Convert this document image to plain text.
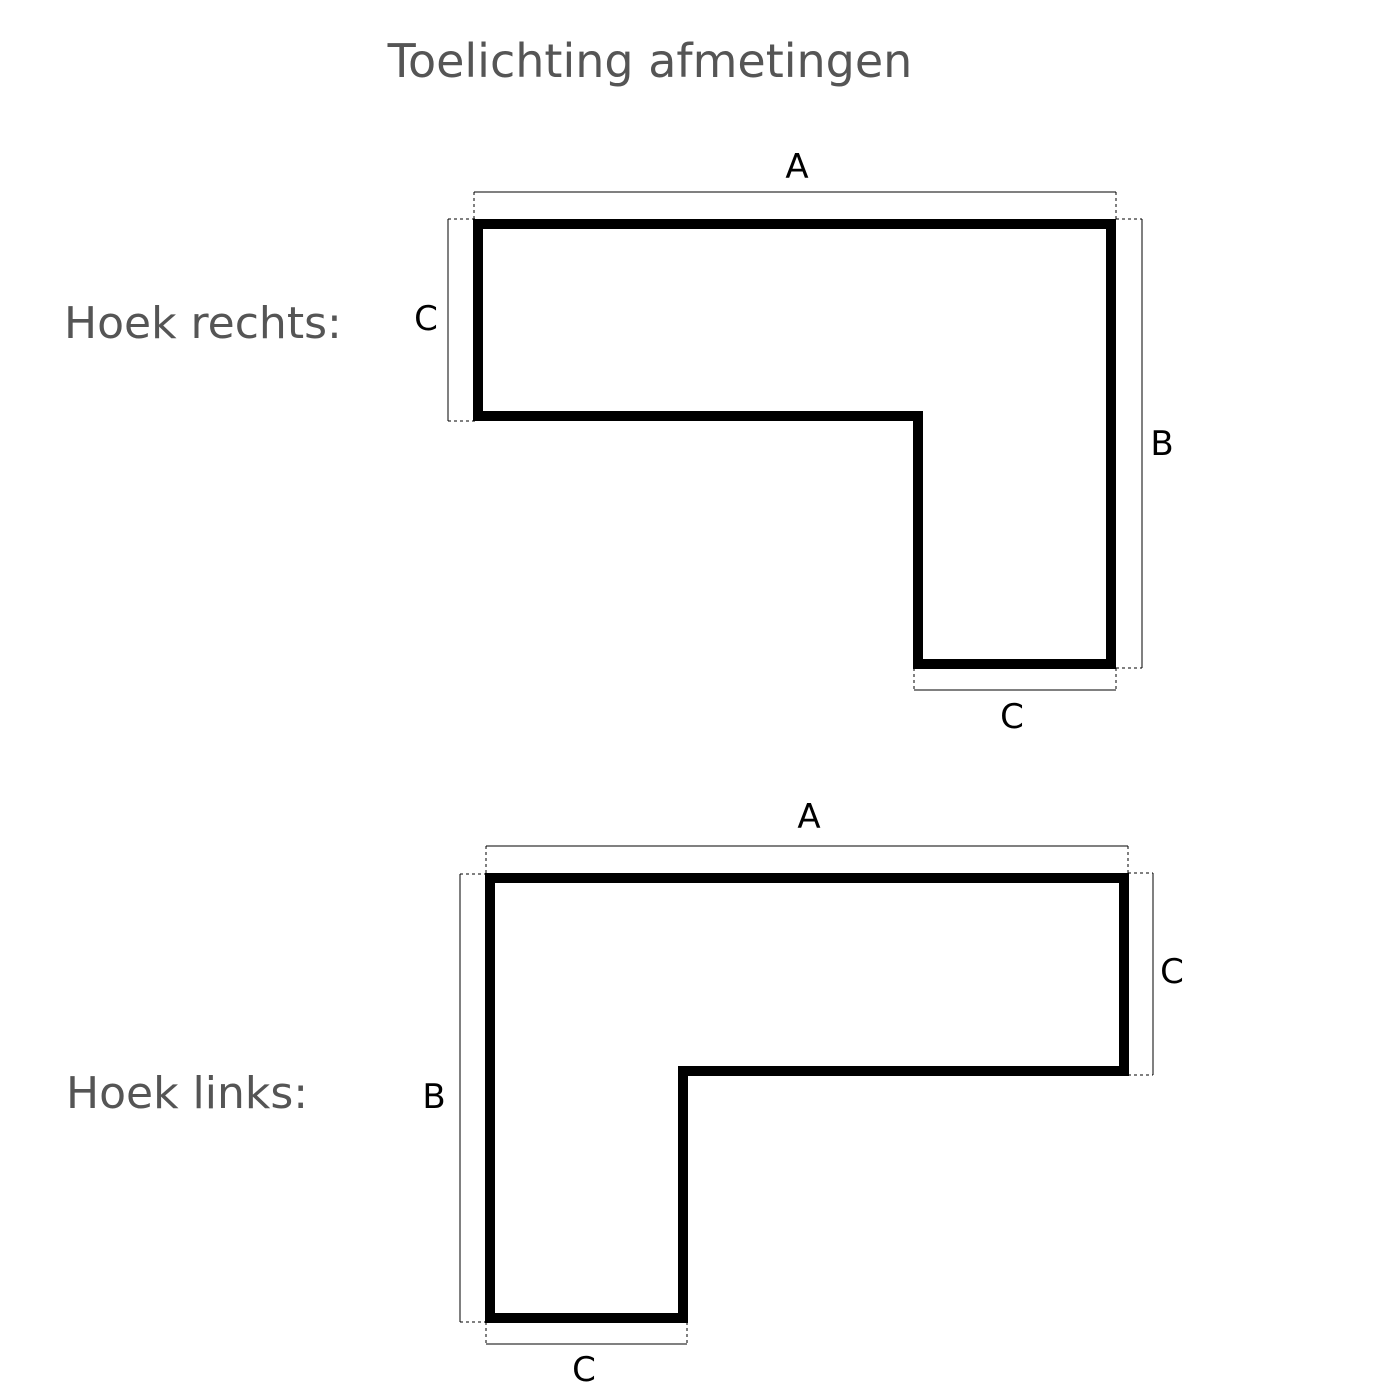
Toelichting afmetingen
Hoek rechts:
Hoek links:
A
C
B
C
A
B
C
C
